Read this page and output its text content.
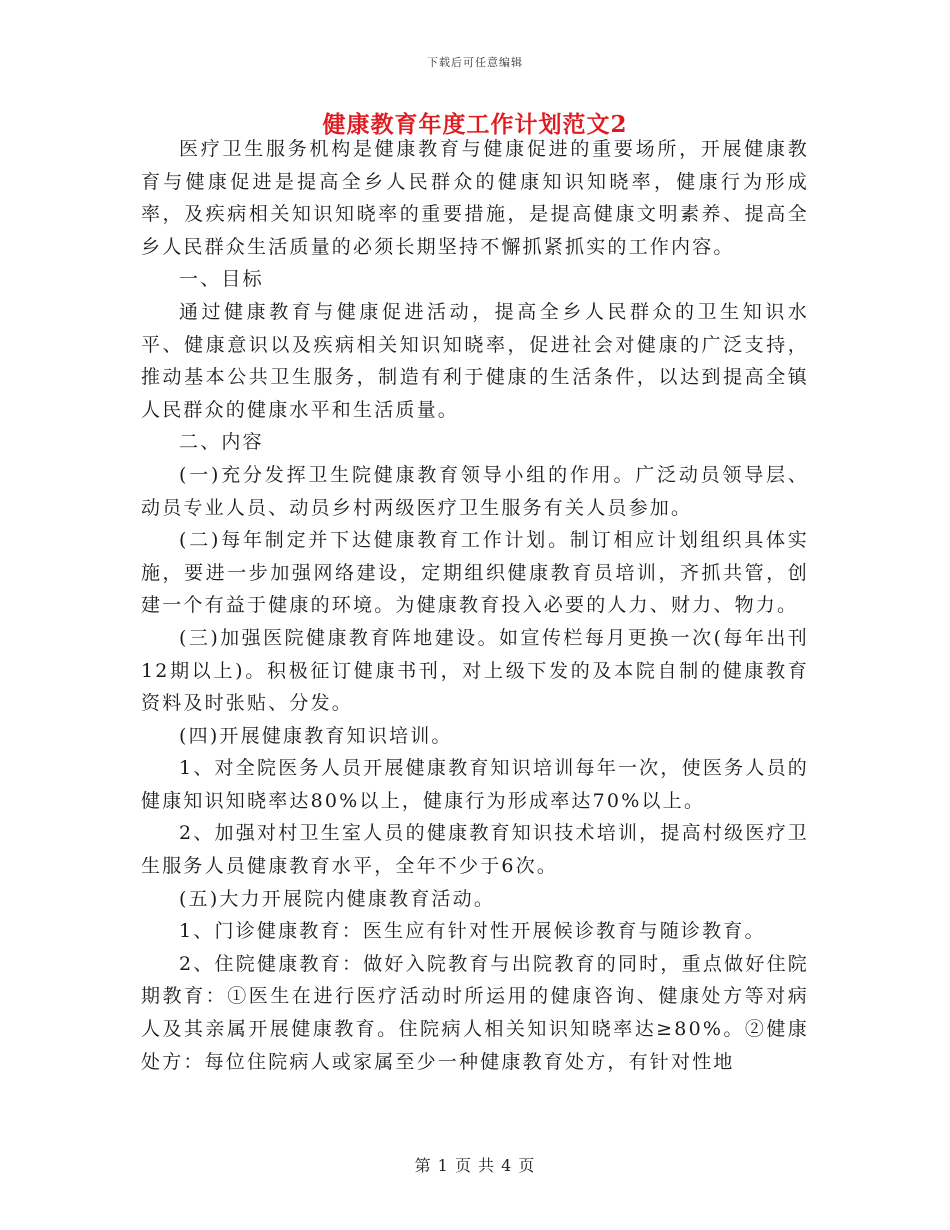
下载后可任意编辑
健康教育年度工作计划范文2

医疗卫生服务机构是健康教育与健康促进的重要场所，开展健康教育与健康促进是提高全乡人民群众的健康知识知晓率，健康行为形成率，及疾病相关知识知晓率的重要措施，是提高健康文明素养、提高全乡人民群众生活质量的必须长期坚持不懈抓紧抓实的工作内容。

一、目标

通过健康教育与健康促进活动，提高全乡人民群众的卫生知识水平、健康意识以及疾病相关知识知晓率，促进社会对健康的广泛支持，推动基本公共卫生服务，制造有利于健康的生活条件，以达到提高全镇人民群众的健康水平和生活质量。

二、内容

(一)充分发挥卫生院健康教育领导小组的作用。广泛动员领导层、动员专业人员、动员乡村两级医疗卫生服务有关人员参加。

(二)每年制定并下达健康教育工作计划。制订相应计划组织具体实施，要进一步加强网络建设，定期组织健康教育员培训，齐抓共管，创建一个有益于健康的环境。为健康教育投入必要的人力、财力、物力。

(三)加强医院健康教育阵地建设。如宣传栏每月更换一次(每年出刊12期以上)。积极征订健康书刊，对上级下发的及本院自制的健康教育资料及时张贴、分发。

(四)开展健康教育知识培训。

1、对全院医务人员开展健康教育知识培训每年一次，使医务人员的健康知识知晓率达80%以上，健康行为形成率达70%以上。

2、加强对村卫生室人员的健康教育知识技术培训，提高村级医疗卫生服务人员健康教育水平，全年不少于6次。

(五)大力开展院内健康教育活动。

1、门诊健康教育：医生应有针对性开展候诊教育与随诊教育。

2、住院健康教育：做好入院教育与出院教育的同时，重点做好住院期教育：①医生在进行医疗活动时所运用的健康咨询、健康处方等对病人及其亲属开展健康教育。住院病人相关知识知晓率达≥80%。②健康处方：每位住院病人或家属至少一种健康教育处方，有针对性地

第 1 页 共 4 页
